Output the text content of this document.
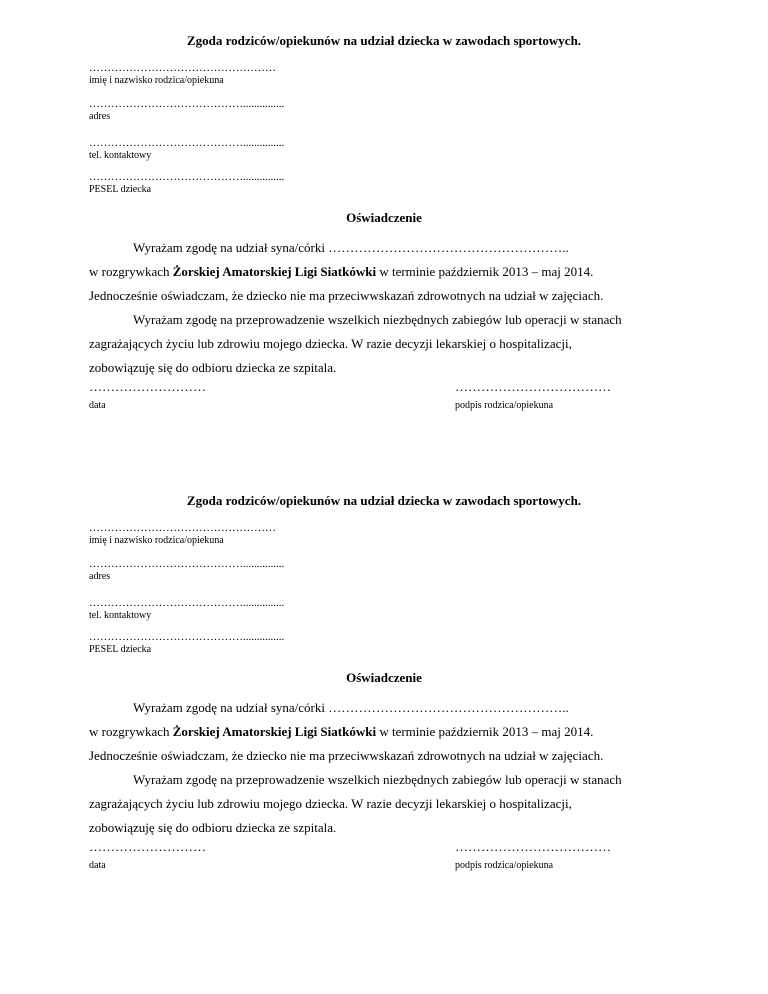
Zgoda rodziców/opiekunów na udział dziecka w zawodach sportowych.
……………………………………………
imię i nazwisko rodzica/opiekuna
……………………………………...............
adres
……………………………………...............
tel. kontaktowy
……………………………………...............
PESEL dziecka
Oświadczenie
Wyrażam zgodę na udział syna/córki ………………………………………………..
w rozgrywkach Żorskiej Amatorskiej Ligi Siatkówki w terminie październik 2013 – maj 2014.
Jednocześnie oświadczam, że dziecko nie ma przeciwwskazań zdrowotnych na udział w zajęciach.
Wyrażam zgodę na przeprowadzenie wszelkich niezbędnych zabiegów lub operacji w stanach
zagrażających życiu lub zdrowiu mojego dziecka. W razie decyzji lekarskiej o hospitalizacji,
zobowiązuję się do odbioru dziecka ze szpitala.
………………………	………………………………
data	podpis rodzica/opiekuna
Zgoda rodziców/opiekunów na udział dziecka w zawodach sportowych.
……………………………………………
imię i nazwisko rodzica/opiekuna
……………………………………...............
adres
……………………………………...............
tel. kontaktowy
……………………………………...............
PESEL dziecka
Oświadczenie
Wyrażam zgodę na udział syna/córki ………………………………………………..
w rozgrywkach Żorskiej Amatorskiej Ligi Siatkówki w terminie październik 2013 – maj 2014.
Jednocześnie oświadczam, że dziecko nie ma przeciwwskazań zdrowotnych na udział w zajęciach.
Wyrażam zgodę na przeprowadzenie wszelkich niezbędnych zabiegów lub operacji w stanach
zagrażających życiu lub zdrowiu mojego dziecka. W razie decyzji lekarskiej o hospitalizacji,
zobowiązuję się do odbioru dziecka ze szpitala.
………………………	………………………………
data	podpis rodzica/opiekuna
